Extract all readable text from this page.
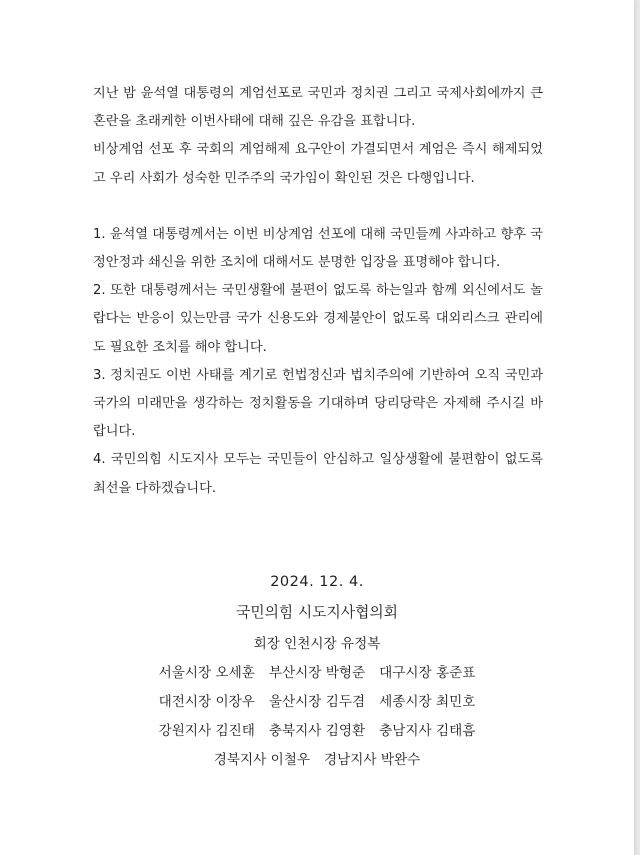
지난 밤 윤석열 대통령의 계엄선포로 국민과 정치권 그리고 국제사회에까지 큰 혼란을 초래케한 이번사태에 대해 깊은 유감을 표합니다.

비상계엄 선포 후 국회의 계엄해제 요구안이 가결되면서 계엄은 즉시 해제되었고 우리 사회가 성숙한 민주주의 국가임이 확인된 것은 다행입니다.

1. 윤석열 대통령께서는 이번 비상계엄 선포에 대해 국민들께 사과하고 향후 국정안정과 쇄신을 위한 조치에 대해서도 분명한 입장을 표명해야 합니다.

2. 또한 대통령께서는 국민생활에 불편이 없도록 하는일과 함께 외신에서도 놀랍다는 반응이 있는만큼 국가 신용도와 경제불안이 없도록 대외리스크 관리에도 필요한 조치를 해야 합니다.

3. 정치권도 이번 사태를 계기로 헌법정신과 법치주의에 기반하여 오직 국민과 국가의 미래만을 생각하는 정치활동을 기대하며 당리당략은 자제해 주시길 바랍니다.

4. 국민의힘 시도지사 모두는 국민들이 안심하고 일상생활에 불편함이 없도록 최선을 다하겠습니다.

2024. 12. 4.
국민의힘 시도지사협의회
회장 인천시장 유정복
서울시장 오세훈 부산시장 박형준 대구시장 홍준표
대전시장 이장우 울산시장 김두겸 세종시장 최민호
강원지사 김진태 충북지사 김영환 충남지사 김태흠
경북지사 이철우 경남지사 박완수
